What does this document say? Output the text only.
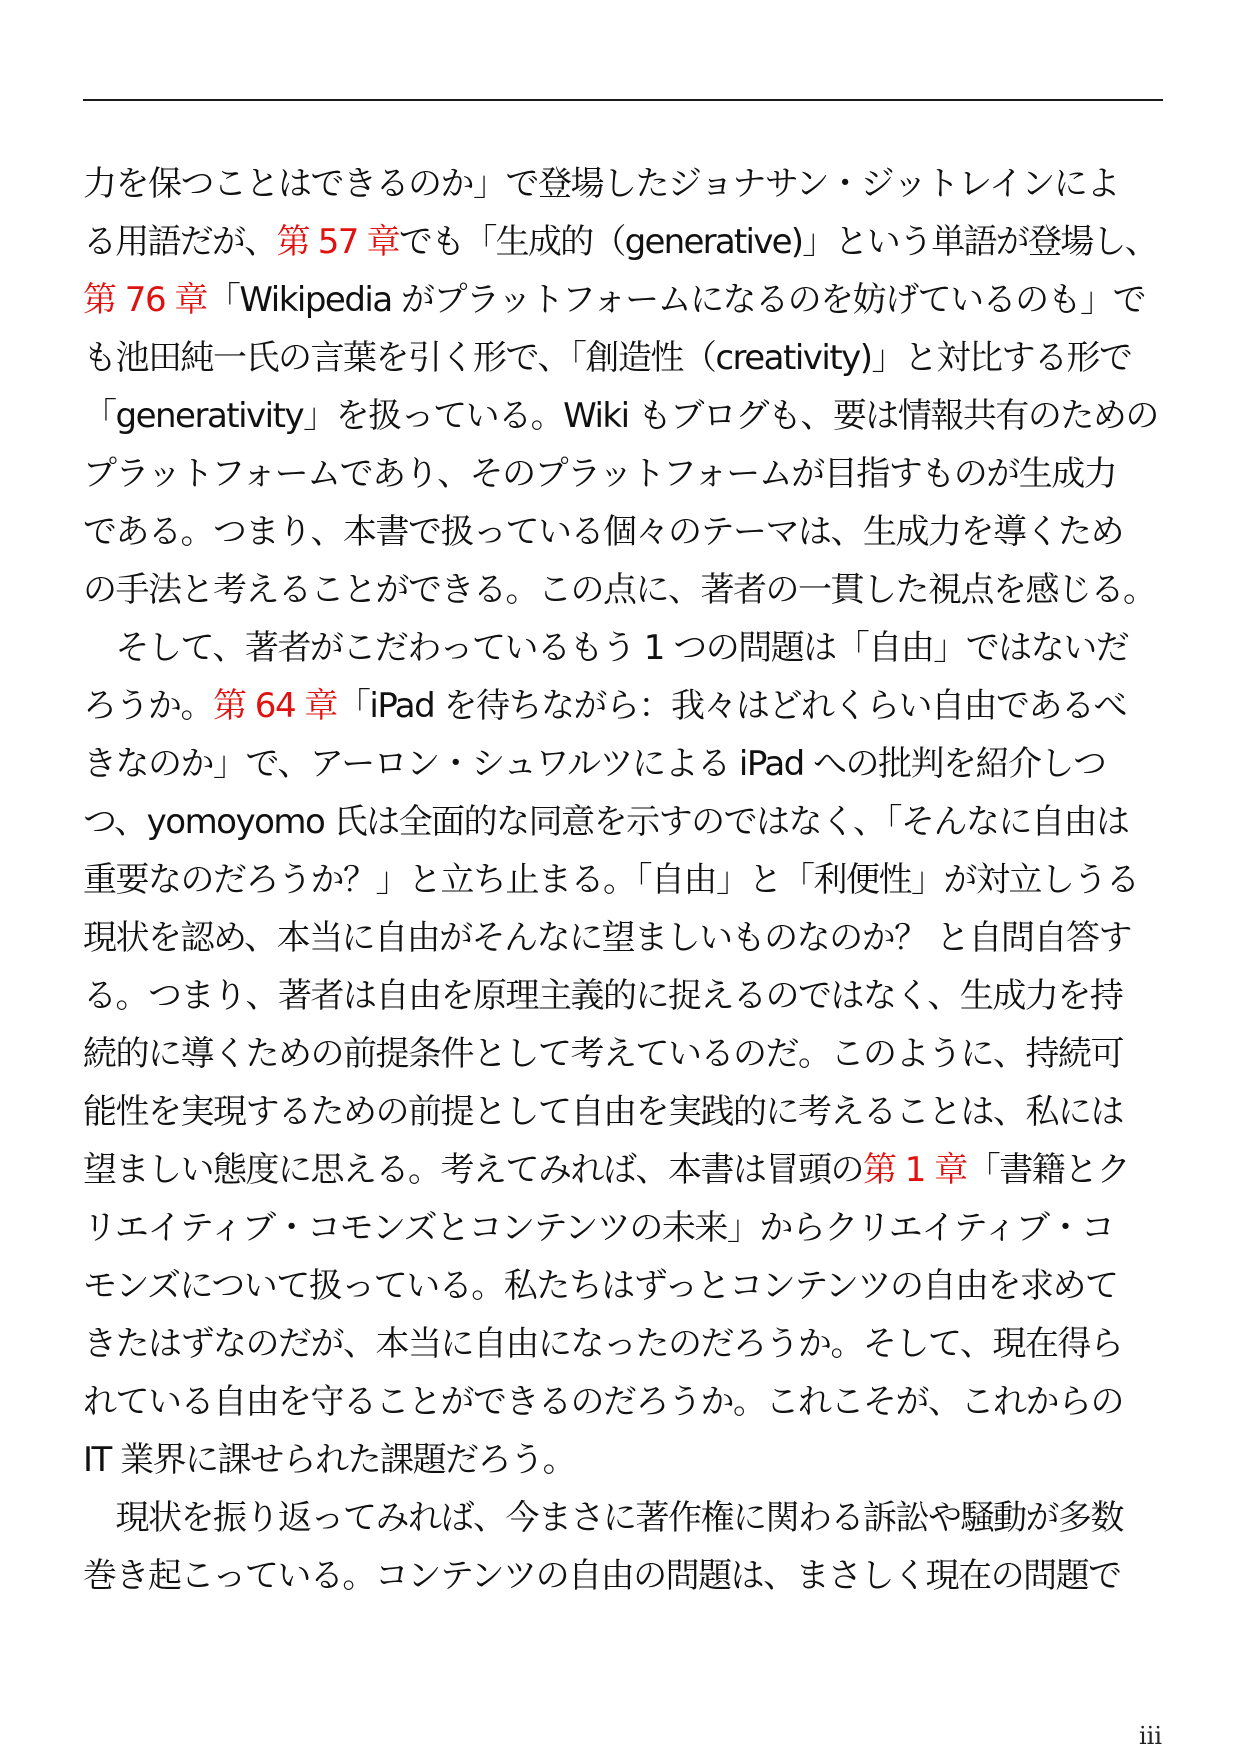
力を保つことはできるのか」で登場したジョナサン・ジットレインによ
る用語だが、第 57 章でも「生成的（generative)」という単語が登場し、
第 76 章「Wikipedia がプラットフォームになるのを妨げているのも」で
も池田純一氏の言葉を引く形で、「創造性（creativity)」と対比する形で
「generativity」を扱っている。Wiki もブログも、要は情報共有のための
プラットフォームであり、そのプラットフォームが目指すものが生成力
である。つまり、本書で扱っている個々のテーマは、生成力を導くため
の手法と考えることができる。この点に、著者の一貫した視点を感じる。
　そして、著者がこだわっているもう 1 つの問題は「自由」ではないだ
ろうか。第 64 章「iPad を待ちながら：我々はどれくらい自由であるべ
きなのか」で、アーロン・シュワルツによる iPad への批判を紹介しつ
つ、yomoyomo 氏は全面的な同意を示すのではなく、「そんなに自由は
重要なのだろうか？」と立ち止まる。「自由」と「利便性」が対立しうる
現状を認め、本当に自由がそんなに望ましいものなのか？ と自問自答す
る。つまり、著者は自由を原理主義的に捉えるのではなく、生成力を持
続的に導くための前提条件として考えているのだ。このように、持続可
能性を実現するための前提として自由を実践的に考えることは、私には
望ましい態度に思える。考えてみれば、本書は冒頭の第 1 章「書籍とク
リエイティブ・コモンズとコンテンツの未来」からクリエイティブ・コ
モンズについて扱っている。私たちはずっとコンテンツの自由を求めて
きたはずなのだが、本当に自由になったのだろうか。そして、現在得ら
れている自由を守ることができるのだろうか。これこそが、これからの
IT 業界に課せられた課題だろう。
　現状を振り返ってみれば、今まさに著作権に関わる訴訟や騒動が多数
巻き起こっている。コンテンツの自由の問題は、まさしく現在の問題で
iii
